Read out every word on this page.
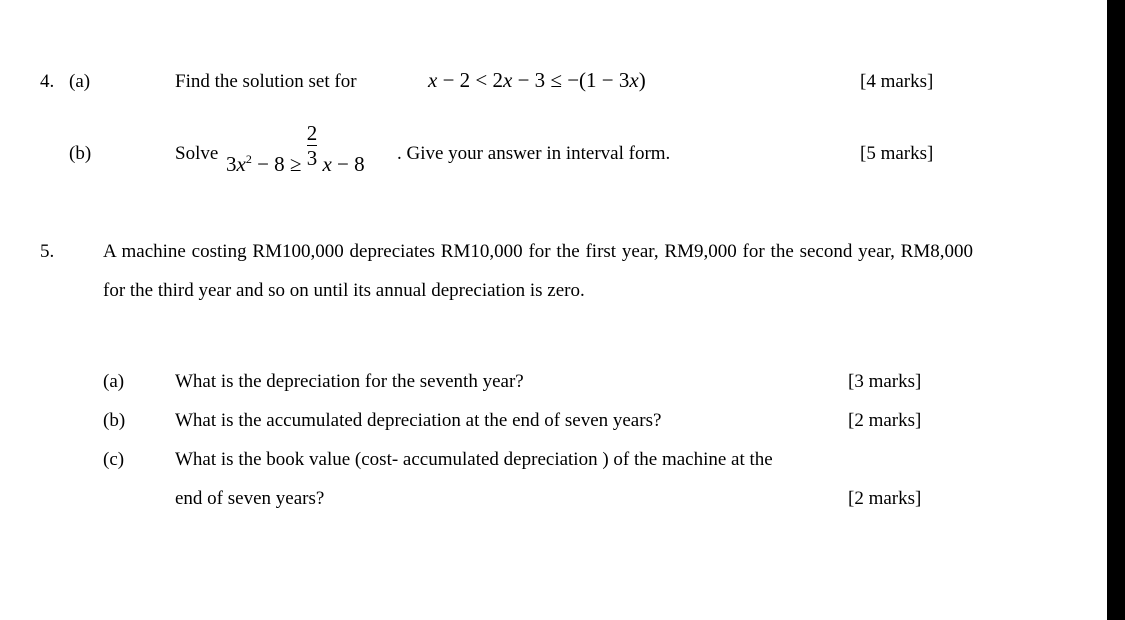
4. (a)	Find the solution set for	x − 2 < 2x − 3 ≤ −(1 − 3x)	[4 marks]
(b)	Solve $3x^2 - 8 \ge \frac{2}{3}$ x − 8 . Give your answer in interval form.	[5 marks]
5.	A machine costing RM100,000 depreciates RM10,000 for the first year, RM9,000 for the second year, RM8,000 for the third year and so on until its annual depreciation is zero.
(a)	What is the depreciation for the seventh year?	[3 marks]
(b)	What is the accumulated depreciation at the end of seven years?	[2 marks]
(c)	What is the book value (cost- accumulated depreciation ) of the machine at the
end of seven years?	[2 marks]
